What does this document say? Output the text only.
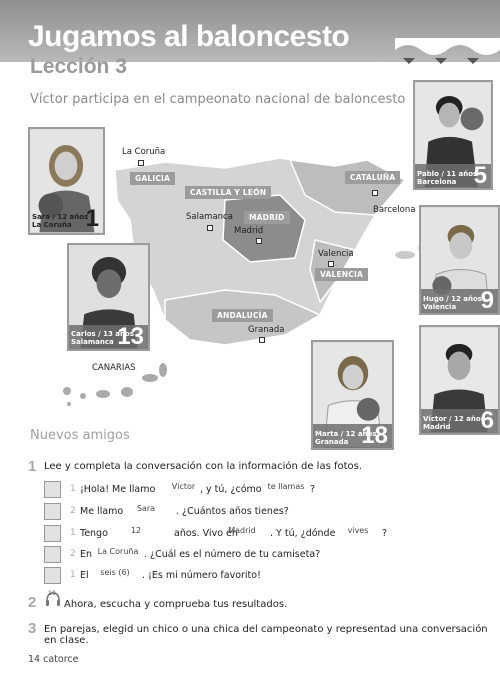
Jugamos al baloncesto
Lección 3
Víctor participa en el campeonato nacional de baloncesto
GALICIA
CASTILLA Y LEÓN
CATALUÑA
MADRID
VALENCIA
ANDALUCÍA
La Coruña
Salamanca
Madrid
Barcelona
Valencia
Granada
CANARIAS
Sara / 12 años
La Coruña 1
Carlos / 13 años
Salamanca 13
Pablo / 11 años
Barcelona 5
Hugo / 12 años
Valencia 9
Marta / 12 años
Granada 18
Víctor / 12 años
Madrid 6
Nuevos amigos
1 Lee y completa la conversación con la información de las fotos.
1 ¡Hola! Me llamo	Víctor , y tú, ¿cómo te llamas ?
2 Me llamo	Sara	. ¿Cuántos años tienes?
1 Tengo	12	años. Vivo en
Madrid	. Y tú, ¿dónde	vives	?
2 En La Coruña . ¿Cuál es el número de tu camiseta?
1 El	seis (6)	. ¡Es mi número favorito!
2
10
Ahora, escucha y comprueba tus resultados.
3 En parejas, elegid un chico o una chica del campeonato y representad una conversación en clase.
14 catorce
